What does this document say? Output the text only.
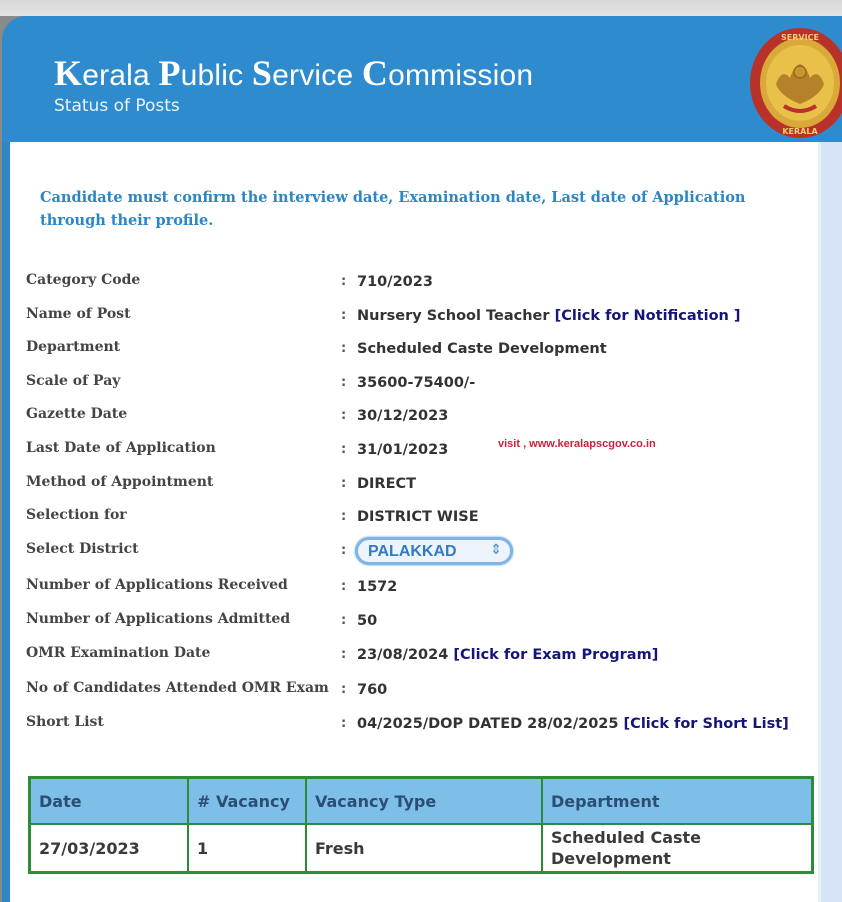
Kerala Public Service Commission
Status of Posts
SERVICE
KERALA
Candidate must confirm the interview date, Examination date, Last date of Application through their profile.
Category Code	: 710/2023
Name of Post	: Nursery School Teacher [Click for Notification ]
Department	: Scheduled Caste Development
Scale of Pay	: 35600-75400/-
Gazette Date	: 30/12/2023
Last Date of Application	: 31/01/2023	visit , www.keralapscgov.co.in
Method of Appointment	: DIRECT
Selection for	: DISTRICT WISE
Select District	: PALAKKAD ⇕
Number of Applications Received	: 1572
Number of Applications Admitted	: 50
OMR Examination Date	: 23/08/2024 [Click for Exam Program]
No of Candidates Attended OMR Exam : 760
Short List	: 04/2025/DOP DATED 28/02/2025 [Click for Short List]
Date	# Vacancy	Vacancy Type	Department
27/03/2023	1	Fresh	Scheduled Caste Development
